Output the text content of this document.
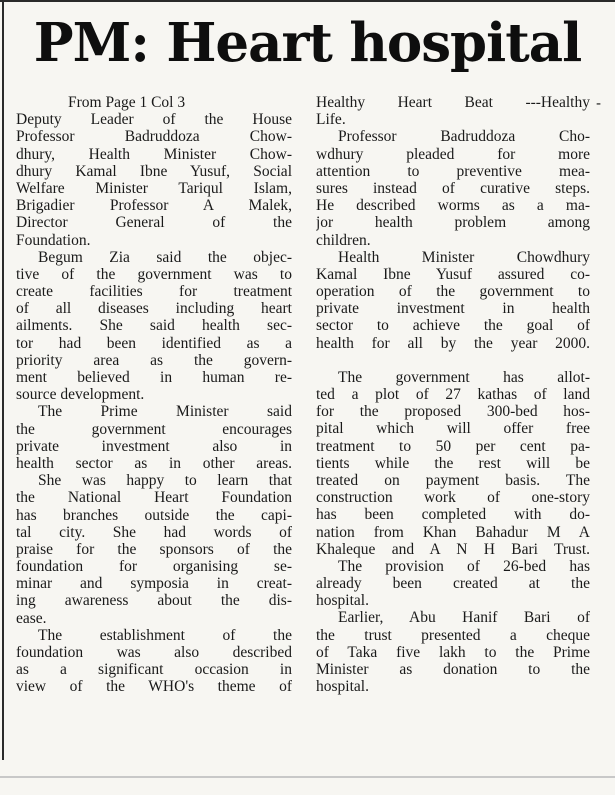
PM: Heart hospital
From Page 1 Col 3
Deputy Leader of the House
Professor Badruddoza Chow-
dhury, Health Minister Chow-
dhury Kamal Ibne Yusuf, Social
Welfare Minister Tariqul Islam,
Brigadier Professor A Malek,
Director General of the
Foundation.
Begum Zia said the objec-
tive of the government was to
create facilities for treatment
of all diseases including heart
ailments. She said health sec-
tor had been identified as a
priority area as the govern-
ment believed in human re-
source development.
The Prime Minister said
the government encourages
private investment also in
health sector as in other areas.
She was happy to learn that
the National Heart Foundation
has branches outside the capi-
tal city. She had words of
praise for the sponsors of the
foundation for organising se-
minar and symposia in creat-
ing awareness about the dis-
ease.
The establishment of the
foundation was also described
as a significant occasion in
view of the WHO's theme of
Healthy Heart Beat ---Healthy
Life.
Professor Badruddoza Cho-
wdhury pleaded for more
attention to preventive mea-
sures instead of curative steps.
He described worms as a ma-
jor health problem among
children.
Health Minister Chowdhury
Kamal Ibne Yusuf assured co-
operation of the government to
private investment in health
sector to achieve the goal of
health for all by the year 2000.
The government has allot-
ted a plot of 27 kathas of land
for the proposed 300-bed hos-
pital which will offer free
treatment to 50 per cent pa-
tients while the rest will be
treated on payment basis. The
construction work of one-story
has been completed with do-
nation from Khan Bahadur M A
Khaleque and A N H Bari Trust.
The provision of 26-bed has
already been created at the
hospital.
Earlier, Abu Hanif Bari of
the trust presented a cheque
of Taka five lakh to the Prime
Minister as donation to the
hospital.
-
